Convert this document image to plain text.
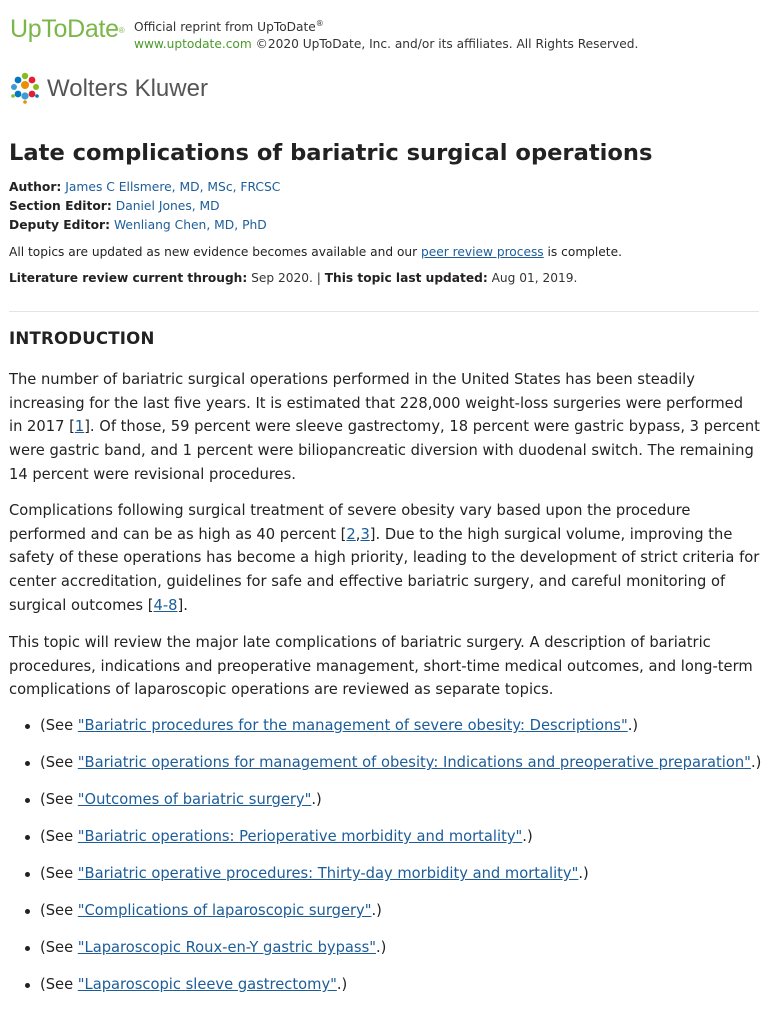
UpToDate® Official reprint from UpToDate®
www.uptodate.com ©2020 UpToDate, Inc. and/or its affiliates. All Rights Reserved.
Wolters Kluwer
Late complications of bariatric surgical operations
Author: James C Ellsmere, MD, MSc, FRCSC
Section Editor: Daniel Jones, MD
Deputy Editor: Wenliang Chen, MD, PhD
All topics are updated as new evidence becomes available and our peer review process is complete.
Literature review current through: Sep 2020. | This topic last updated: Aug 01, 2019.
INTRODUCTION

The number of bariatric surgical operations performed in the United States has been steadily increasing for the last five years. It is estimated that 228,000 weight-loss surgeries were performed in 2017 [1]. Of those, 59 percent were sleeve gastrectomy, 18 percent were gastric bypass, 3 percent were gastric band, and 1 percent were biliopancreatic diversion with duodenal switch. The remaining 14 percent were revisional procedures.

Complications following surgical treatment of severe obesity vary based upon the procedure performed and can be as high as 40 percent [2,3]. Due to the high surgical volume, improving the safety of these operations has become a high priority, leading to the development of strict criteria for center accreditation, guidelines for safe and effective bariatric surgery, and careful monitoring of surgical outcomes [4-8].

This topic will review the major late complications of bariatric surgery. A description of bariatric procedures, indications and preoperative management, short-time medical outcomes, and long-term complications of laparoscopic operations are reviewed as separate topics.

(See "Bariatric procedures for the management of severe obesity: Descriptions".)
(See "Bariatric operations for management of obesity: Indications and preoperative preparation".)
(See "Outcomes of bariatric surgery".)
(See "Bariatric operations: Perioperative morbidity and mortality".)
(See "Bariatric operative procedures: Thirty-day morbidity and mortality".)
(See "Complications of laparoscopic surgery".)
(See "Laparoscopic Roux-en-Y gastric bypass".)
(See "Laparoscopic sleeve gastrectomy".)
